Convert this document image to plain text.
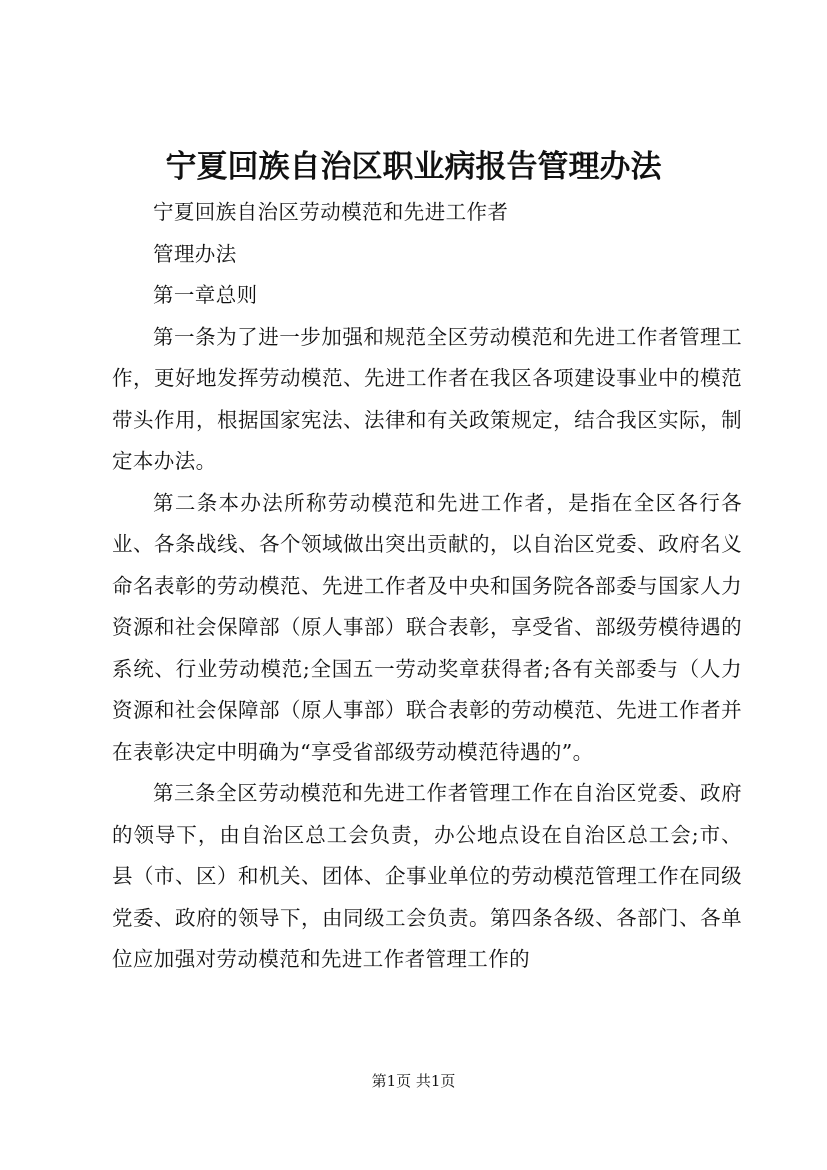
宁夏回族自治区职业病报告管理办法

宁夏回族自治区劳动模范和先进工作者

管理办法

第一章总则

第一条为了进一步加强和规范全区劳动模范和先进工作者管理工作，更好地发挥劳动模范、先进工作者在我区各项建设事业中的模范带头作用，根据国家宪法、法律和有关政策规定，结合我区实际，制定本办法。

第二条本办法所称劳动模范和先进工作者，是指在全区各行各业、各条战线、各个领域做出突出贡献的，以自治区党委、政府名义命名表彰的劳动模范、先进工作者及中央和国务院各部委与国家人力资源和社会保障部（原人事部）联合表彰，享受省、部级劳模待遇的系统、行业劳动模范;全国五一劳动奖章获得者;各有关部委与（人力资源和社会保障部（原人事部）联合表彰的劳动模范、先进工作者并在表彰决定中明确为“享受省部级劳动模范待遇的”。

第三条全区劳动模范和先进工作者管理工作在自治区党委、政府的领导下，由自治区总工会负责，办公地点设在自治区总工会;市、县（市、区）和机关、团体、企事业单位的劳动模范管理工作在同级党委、政府的领导下，由同级工会负责。第四条各级、各部门、各单位应加强对劳动模范和先进工作者管理工作的

第1页 共1页
